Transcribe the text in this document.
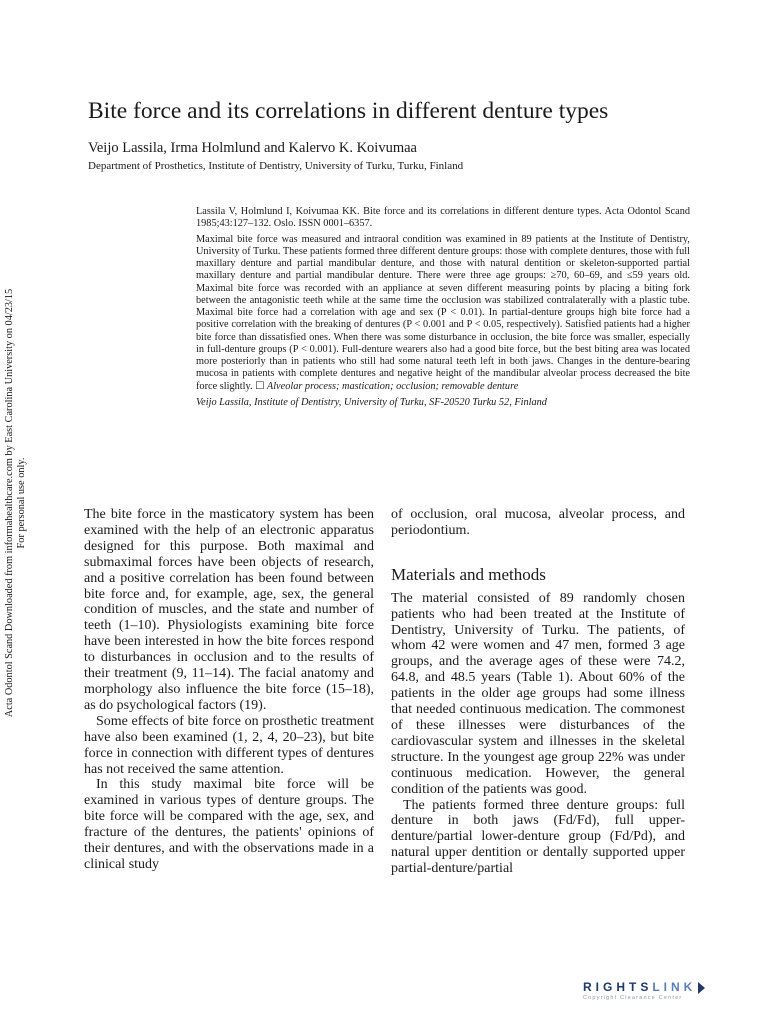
Bite force and its correlations in different denture types
Veijo Lassila, Irma Holmlund and Kalervo K. Koivumaa
Department of Prosthetics, Institute of Dentistry, University of Turku, Turku, Finland

Lassila V, Holmlund I, Koivumaa KK. Bite force and its correlations in different denture types. Acta Odontol Scand 1985;43:127–132. Oslo. ISSN 0001–6357.

Maximal bite force was measured and intraoral condition was examined in 89 patients at the Institute of Dentistry, University of Turku. These patients formed three different denture groups: those with complete dentures, those with full maxillary denture and partial mandibular denture, and those with natural dentition or skeleton-supported partial maxillary denture and partial mandibular denture. There were three age groups: ≥70, 60–69, and ≤59 years old. Maximal bite force was recorded with an appliance at seven different measuring points by placing a biting fork between the antagonistic teeth while at the same time the occlusion was stabilized contralaterally with a plastic tube. Maximal bite force had a correlation with age and sex (P < 0.01). In partial-denture groups high bite force had a positive correlation with the breaking of dentures (P < 0.001 and P < 0.05, respectively). Satisfied patients had a higher bite force than dissatisfied ones. When there was some disturbance in occlusion, the bite force was smaller, especially in full-denture groups (P < 0.001). Full-denture wearers also had a good bite force, but the best biting area was located more posteriorly than in patients who still had some natural teeth left in both jaws. Changes in the denture-bearing mucosa in patients with complete dentures and negative height of the mandibular alveolar process decreased the bite force slightly. ☐ Alveolar process; mastication; occlusion; removable denture

Veijo Lassila, Institute of Dentistry, University of Turku, SF-20520 Turku 52, Finland

Acta Odontol Scand Downloaded from informahealthcare.com by East Carolina University on 04/23/15 For personal use only.	The bite force in the masticatory system has been examined with the help of an electronic apparatus designed for this purpose. Both maximal and submaximal forces have been objects of research, and a positive correlation has been found between bite force and, for example, age, sex, the general condition of muscles, and the state and number of teeth (1–10). Physiologists examining bite force have been interested in how the bite forces respond to disturbances in occlusion and to the results of their treatment (9, 11–14). The facial anatomy and morphology also influence the bite force (15–18), as do psychological factors (19).

Some effects of bite force on prosthetic treatment have also been examined (1, 2, 4, 20–23), but bite force in connection with different types of dentures has not received the same attention.

In this study maximal bite force will be examined in various types of denture groups. The bite force will be compared with the age, sex, and fracture of the dentures, the patients' opinions of their dentures, and with the observations made in a clinical study

of occlusion, oral mucosa, alveolar process, and periodontium.

Materials and methods

The material consisted of 89 randomly chosen patients who had been treated at the Institute of Dentistry, University of Turku. The patients, of whom 42 were women and 47 men, formed 3 age groups, and the average ages of these were 74.2, 64.8, and 48.5 years (Table 1). About 60% of the patients in the older age groups had some illness that needed continuous medication. The commonest of these illnesses were disturbances of the cardiovascular system and illnesses in the skeletal structure. In the youngest age group 22% was under continuous medication. However, the general condition of the patients was good.

The patients formed three denture groups: full denture in both jaws (Fd/Fd), full upper-denture/partial lower-denture group (Fd/Pd), and natural upper dentition or dentally supported upper partial-denture/partial

RIGHTSLINK
Copyright Clearance Center
